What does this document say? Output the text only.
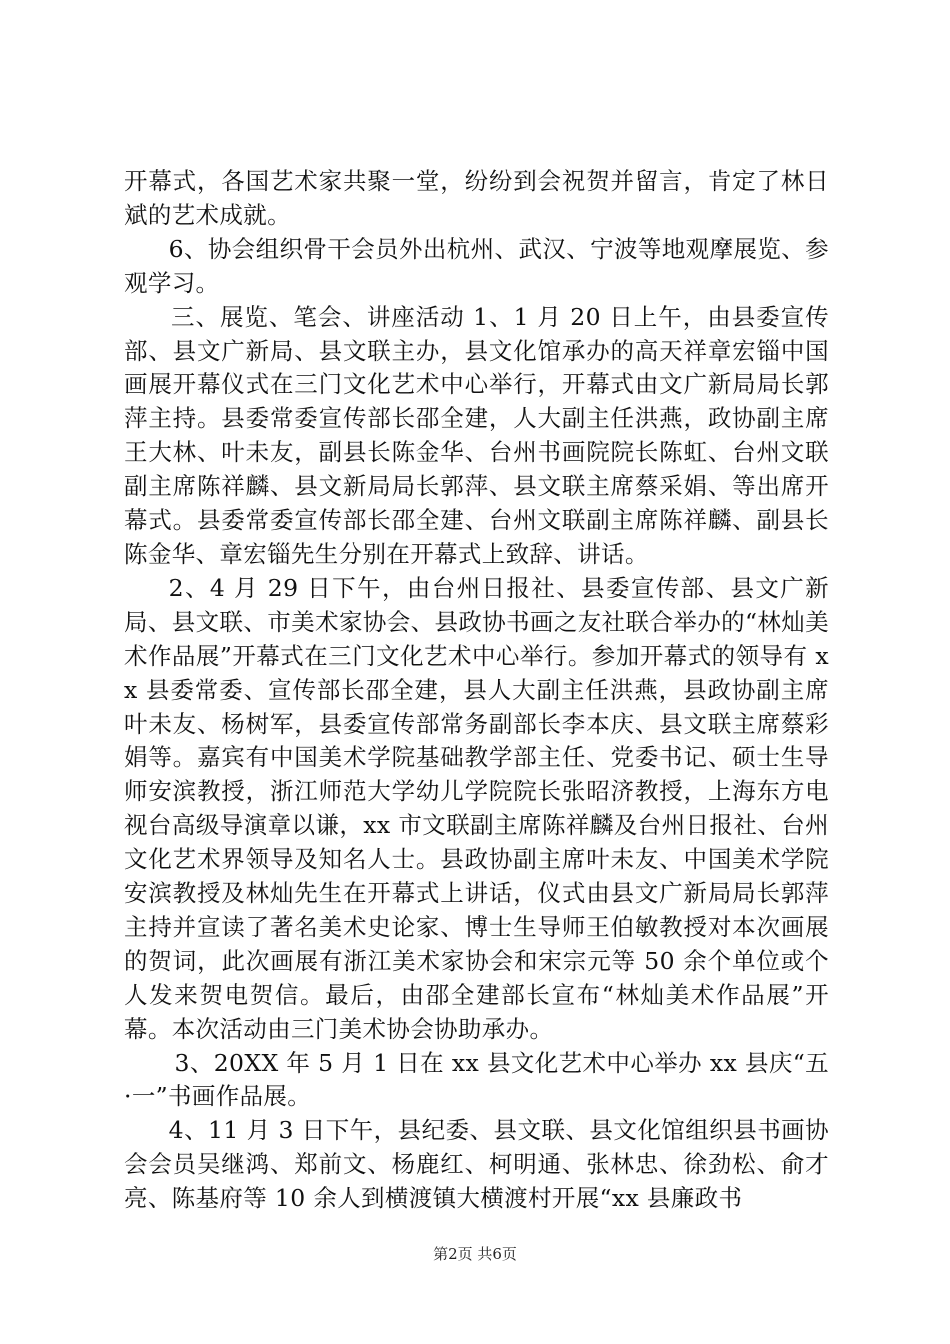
开幕式，各国艺术家共聚一堂，纷纷到会祝贺并留言，肯定了林日斌的艺术成就。

6、协会组织骨干会员外出杭州、武汉、宁波等地观摩展览、参观学习。

三、展览、笔会、讲座活动 1、1 月 20 日上午，由县委宣传部、县文广新局、县文联主办，县文化馆承办的高天祥章宏锱中国画展开幕仪式在三门文化艺术中心举行，开幕式由文广新局局长郭萍主持。县委常委宣传部长邵全建，人大副主任洪燕，政协副主席王大林、叶未友，副县长陈金华、台州书画院院长陈虹、台州文联副主席陈祥麟、县文新局局长郭萍、县文联主席蔡采娟、等出席开幕式。县委常委宣传部长邵全建、台州文联副主席陈祥麟、副县长陈金华、章宏锱先生分别在开幕式上致辞、讲话。

2、4 月 29 日下午，由台州日报社、县委宣传部、县文广新局、县文联、市美术家协会、县政协书画之友社联合举办的“林灿美术作品展”开幕式在三门文化艺术中心举行。参加开幕式的领导有 xx 县委常委、宣传部长邵全建，县人大副主任洪燕，县政协副主席叶未友、杨树军，县委宣传部常务副部长李本庆、县文联主席蔡彩娟等。嘉宾有中国美术学院基础教学部主任、党委书记、硕士生导师安滨教授，浙江师范大学幼儿学院院长张昭济教授，上海东方电视台高级导演章以谦，xx 市文联副主席陈祥麟及台州日报社、台州文化艺术界领导及知名人士。县政协副主席叶未友、中国美术学院安滨教授及林灿先生在开幕式上讲话，仪式由县文广新局局长郭萍主持并宣读了著名美术史论家、博士生导师王伯敏教授对本次画展的贺词，此次画展有浙江美术家协会和宋宗元等 50 余个单位或个人发来贺电贺信。最后，由邵全建部长宣布“林灿美术作品展”开幕。本次活动由三门美术协会协助承办。

3、20XX 年 5 月 1 日在 xx 县文化艺术中心举办 xx 县庆“五·一”书画作品展。

4、11 月 3 日下午，县纪委、县文联、县文化馆组织县书画协会会员吴继鸿、郑前文、杨鹿红、柯明通、张林忠、徐劲松、俞才亮、陈基府等 10 余人到横渡镇大横渡村开展“xx 县廉政书

第2页 共6页
